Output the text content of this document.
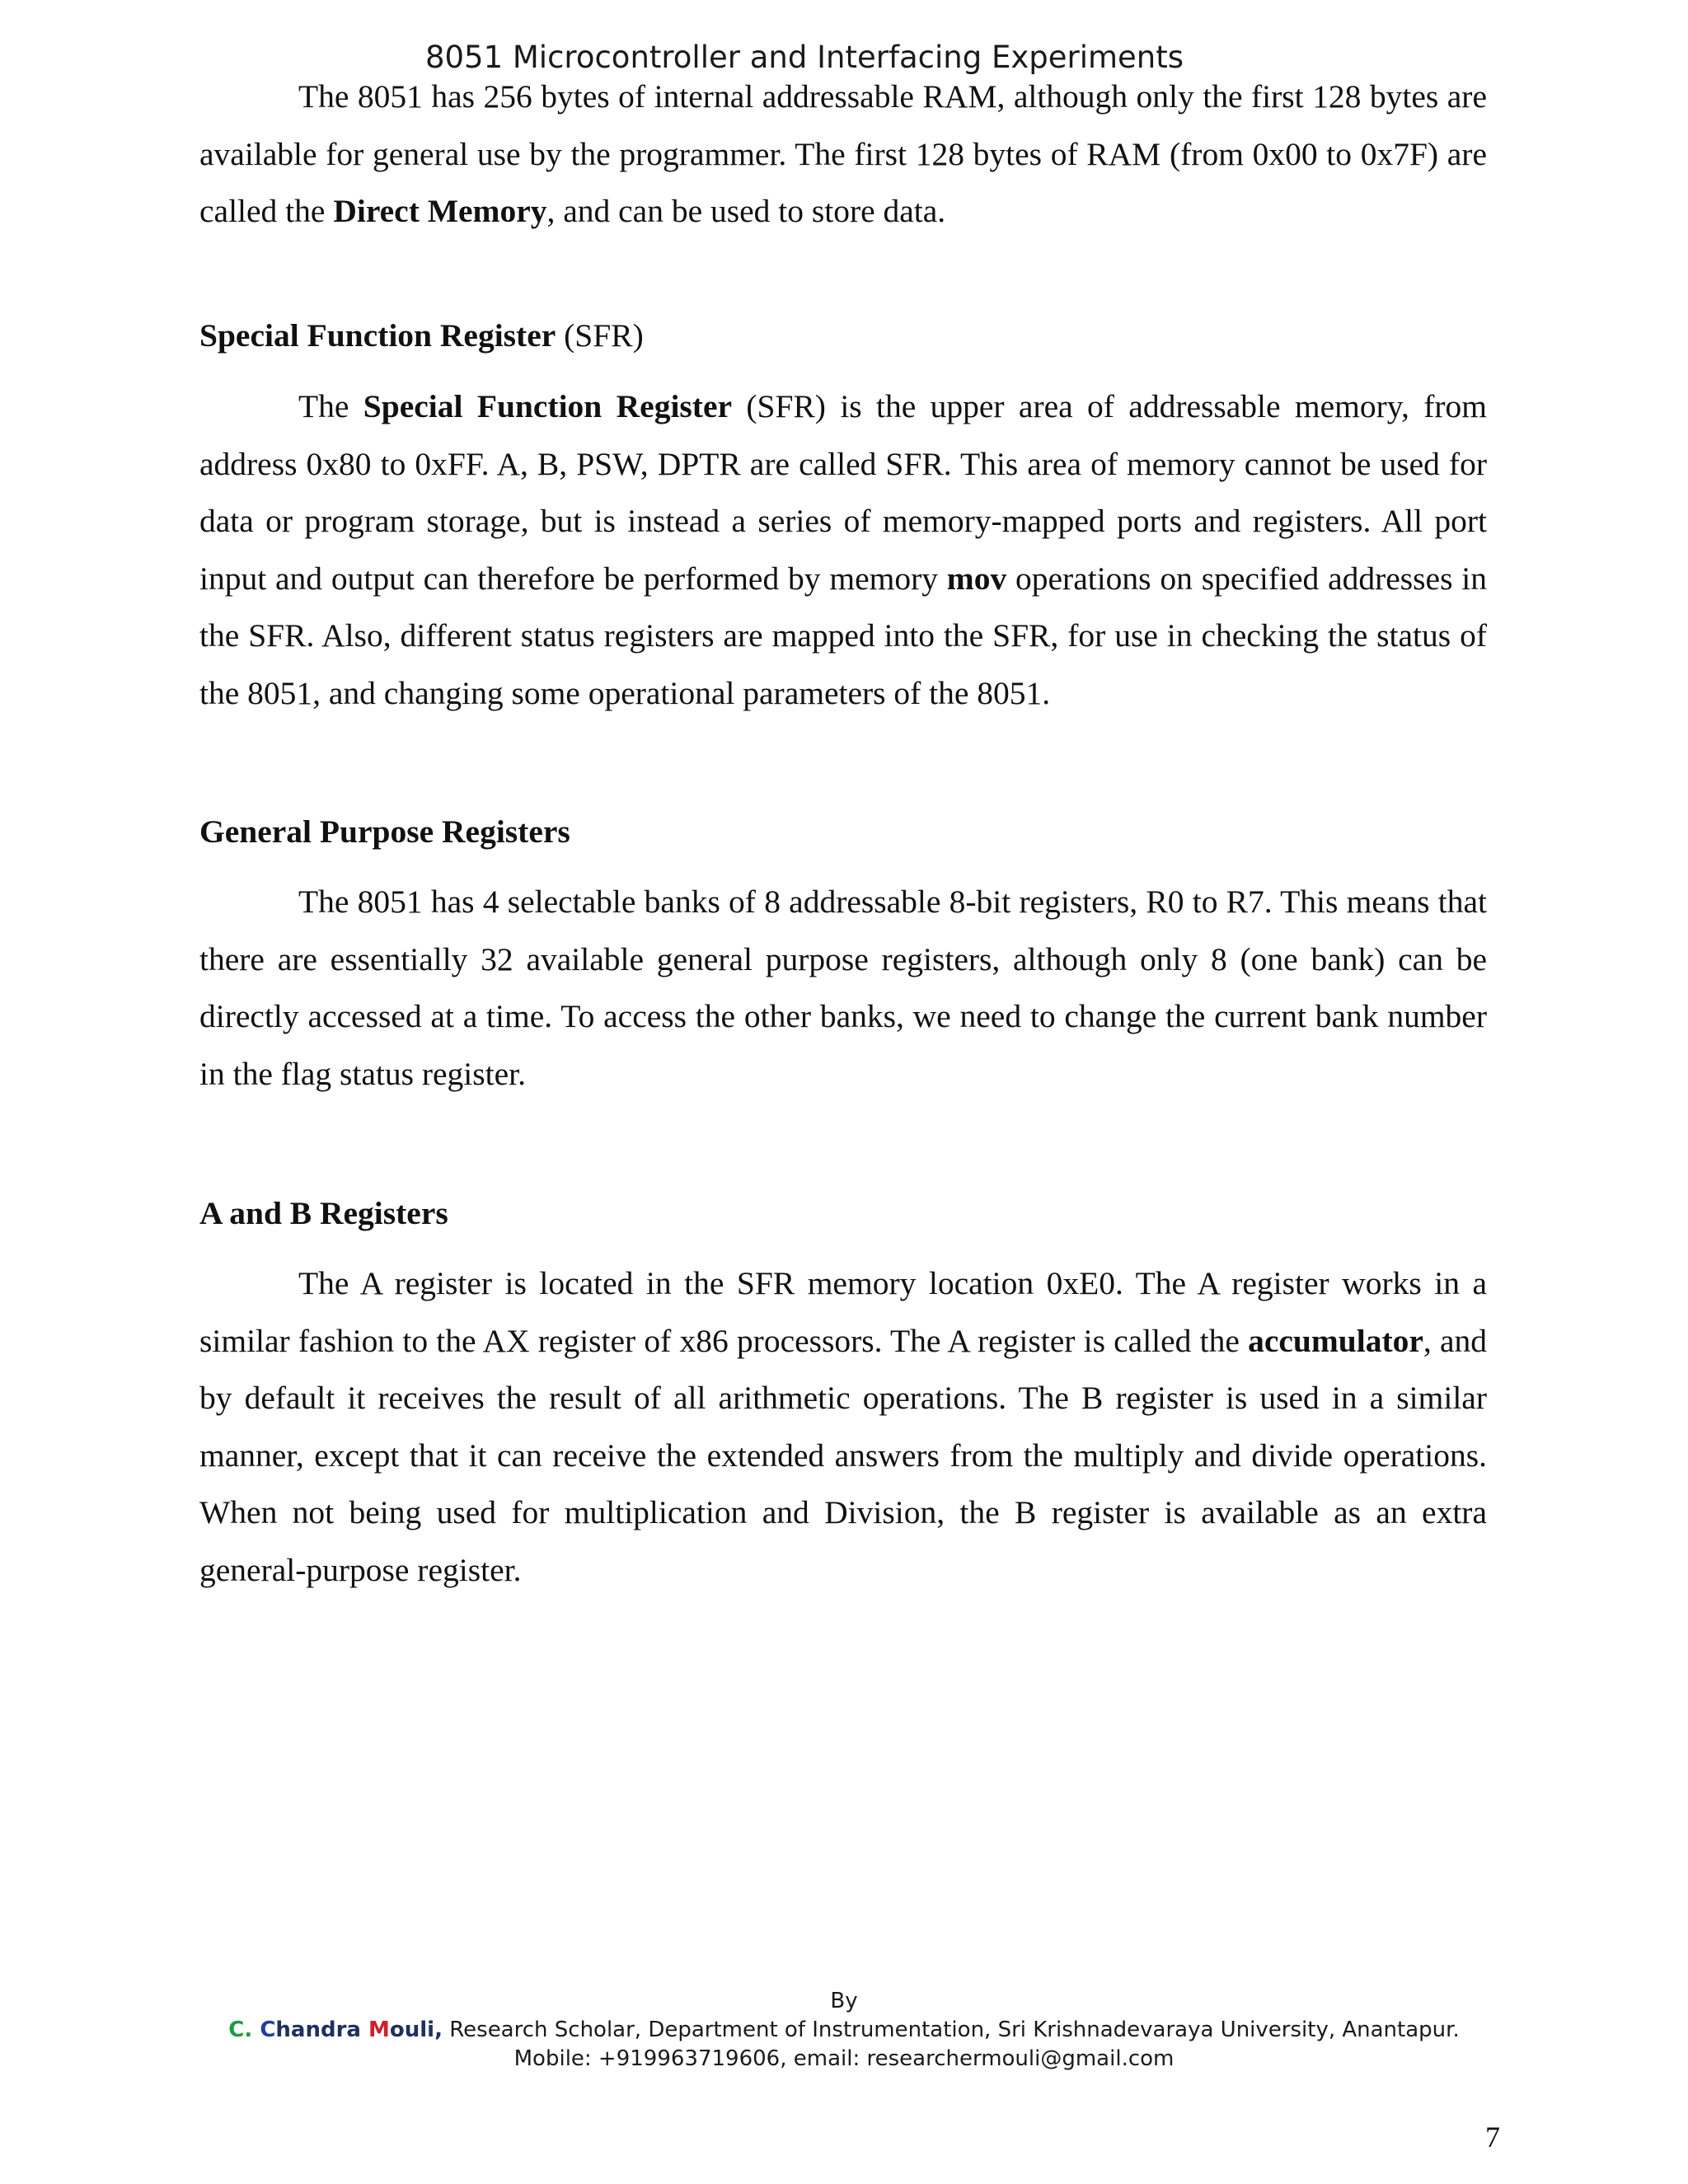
8051 Microcontroller and Interfacing Experiments

The 8051 has 256 bytes of internal addressable RAM, although only the first 128 bytes are available for general use by the programmer. The first 128 bytes of RAM (from 0x00 to 0x7F) are called the Direct Memory, and can be used to store data.

Special Function Register (SFR)

The Special Function Register (SFR) is the upper area of addressable memory, from address 0x80 to 0xFF. A, B, PSW, DPTR are called SFR. This area of memory cannot be used for data or program storage, but is instead a series of memory-mapped ports and registers. All port input and output can therefore be performed by memory mov operations on specified addresses in the SFR. Also, different status registers are mapped into the SFR, for use in checking the status of the 8051, and changing some operational parameters of the 8051.

General Purpose Registers

The 8051 has 4 selectable banks of 8 addressable 8-bit registers, R0 to R7. This means that there are essentially 32 available general purpose registers, although only 8 (one bank) can be directly accessed at a time. To access the other banks, we need to change the current bank number in the flag status register.

A and B Registers

The A register is located in the SFR memory location 0xE0. The A register works in a similar fashion to the AX register of x86 processors. The A register is called the accumulator, and by default it receives the result of all arithmetic operations. The B register is used in a similar manner, except that it can receive the extended answers from the multiply and divide operations. When not being used for multiplication and Division, the B register is available as an extra general-purpose register.

By
C. Chandra Mouli, Research Scholar, Department of Instrumentation, Sri Krishnadevaraya University, Anantapur.
Mobile: +919963719606, email: researchermouli@gmail.com
7
